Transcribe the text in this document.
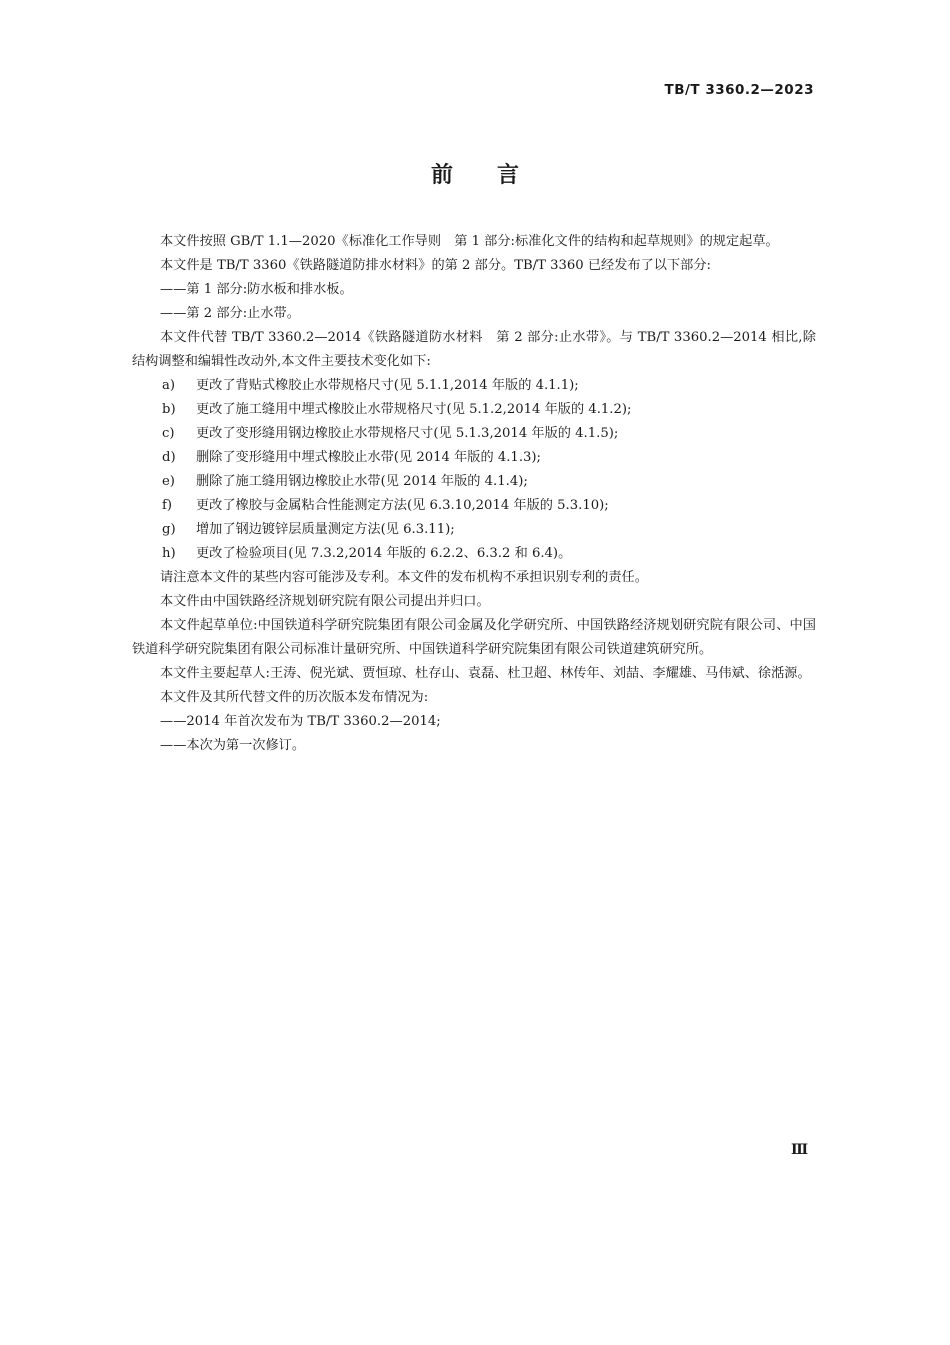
TB/T 3360.2—2023
前言

本文件按照 GB/T 1.1—2020《标准化工作导则　第 1 部分:标准化文件的结构和起草规则》的规定起草。

本文件是 TB/T 3360《铁路隧道防排水材料》的第 2 部分。TB/T 3360 已经发布了以下部分:

——第 1 部分:防水板和排水板。

——第 2 部分:止水带。

本文件代替 TB/T 3360.2—2014《铁路隧道防水材料　第 2 部分:止水带》。与 TB/T 3360.2—2014 相比,除结构调整和编辑性改动外,本文件主要技术变化如下:

a)	更改了背贴式橡胶止水带规格尺寸(见 5.1.1,2014 年版的 4.1.1);
b)	更改了施工缝用中埋式橡胶止水带规格尺寸(见 5.1.2,2014 年版的 4.1.2);
c)	更改了变形缝用钢边橡胶止水带规格尺寸(见 5.1.3,2014 年版的 4.1.5);
d)	删除了变形缝用中埋式橡胶止水带(见 2014 年版的 4.1.3);
e)	删除了施工缝用钢边橡胶止水带(见 2014 年版的 4.1.4);
f)	更改了橡胶与金属粘合性能测定方法(见 6.3.10,2014 年版的 5.3.10);
g)	增加了钢边镀锌层质量测定方法(见 6.3.11);
h)	更改了检验项目(见 7.3.2,2014 年版的 6.2.2、6.3.2 和 6.4)。

请注意本文件的某些内容可能涉及专利。本文件的发布机构不承担识别专利的责任。

本文件由中国铁路经济规划研究院有限公司提出并归口。

本文件起草单位:中国铁道科学研究院集团有限公司金属及化学研究所、中国铁路经济规划研究院有限公司、中国铁道科学研究院集团有限公司标准计量研究所、中国铁道科学研究院集团有限公司铁道建筑研究所。

本文件主要起草人:王涛、倪光斌、贾恒琼、杜存山、袁磊、杜卫超、林传年、刘喆、李耀雄、马伟斌、徐湉源。

本文件及其所代替文件的历次版本发布情况为:

——2014 年首次发布为 TB/T 3360.2—2014;

——本次为第一次修订。

Ⅲ
